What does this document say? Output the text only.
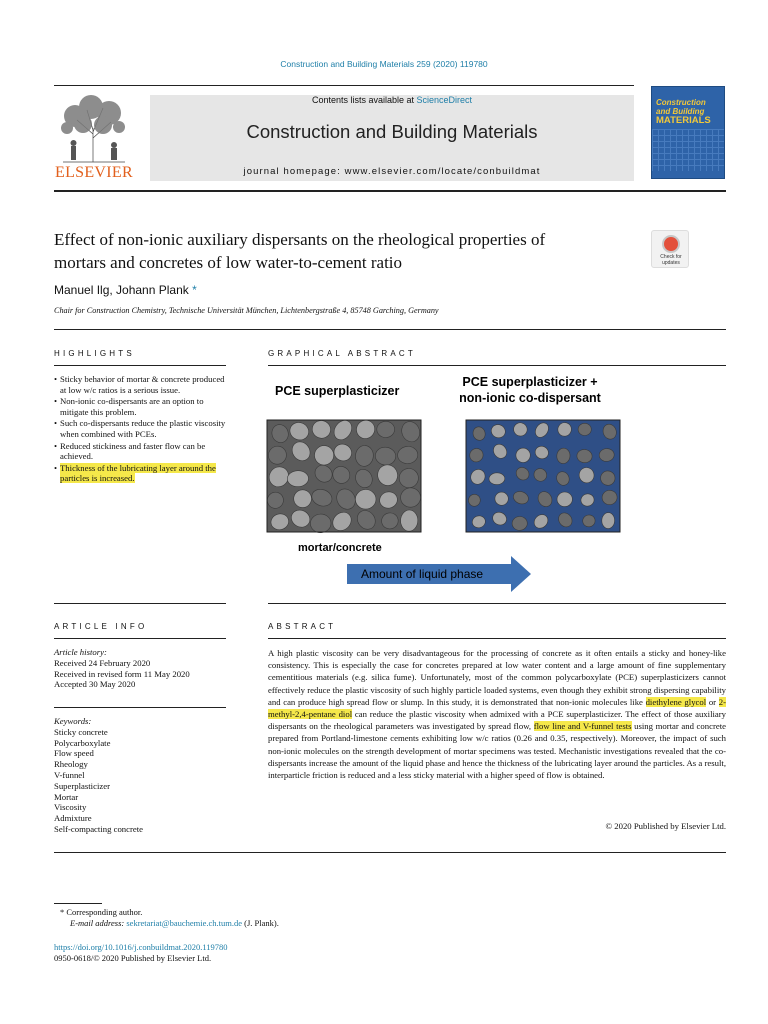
Construction and Building Materials 259 (2020) 119780
ELSEVIER
Contents lists available at ScienceDirect
Construction and Building Materials
journal homepage: www.elsevier.com/locate/conbuildmat
Construction
and Building
MATERIALS
Effect of non-ionic auxiliary dispersants on the rheological properties of
mortars and concretes of low water-to-cement ratio	Check for
updates
Manuel Ilg, Johann Plank *
Chair for Construction Chemistry, Technische Universität München, Lichtenbergstraße 4, 85748 Garching, Germany
HIGHLIGHTS
• Sticky behavior of mortar & concrete produced at low w/c ratios is a serious issue.
• Non-ionic co-dispersants are an option to mitigate this problem.
• Such co-dispersants reduce the plastic viscosity when combined with PCEs.
• Reduced stickiness and faster flow can be achieved.
• Thickness of the lubricating layer around the particles is increased.
GRAPHICAL ABSTRACT
PCE superplasticizer
PCE superplasticizer +
non-ionic co-dispersant
mortar/concrete
Amount of liquid phase
ARTICLE INFO
Article history:
Received 24 February 2020
Received in revised form 11 May 2020
Accepted 30 May 2020
Keywords:
Sticky concrete
Polycarboxylate
Flow speed
Rheology
V-funnel
Superplasticizer
Mortar
Viscosity
Admixture
Self-compacting concrete
ABSTRACT
A high plastic viscosity can be very disadvantageous for the processing of concrete as it often entails a sticky and honey-like consistency. This is especially the case for concretes prepared at low water content and a large amount of fine supplementary cementitious materials (e.g. silica fume). Unfortunately, most of the common polycarboxylate (PCE) superplasticizers cannot effectively reduce the plastic viscosity of such highly particle loaded systems, even though they exhibit strong dispersing capability and can produce high spread flow or slump. In this study, it is demonstrated that non-ionic molecules like diethylene glycol or 2-methyl-2,4-pentane diol can reduce the plastic viscosity when admixed with a PCE superplasticizer. The effect of those auxiliary dispersants on the rheological parameters was investigated by spread flow, flow line and V-funnel tests using mortar and concrete prepared from Portland-limestone cements exhibiting low w/c ratios (0.26 and 0.35, respectively). Moreover, the impact of such non-ionic molecules on the strength development of mortar specimens was tested. Mechanistic investigations revealed that the co-dispersants increase the amount of the liquid phase and hence the thickness of the lubricating layer around the particles. As a result, interparticle friction is reduced and a less sticky material with a higher speed of flow is obtained.
© 2020 Published by Elsevier Ltd.
* Corresponding author.
E-mail address: sekretariat@bauchemie.ch.tum.de (J. Plank).
https://doi.org/10.1016/j.conbuildmat.2020.119780
0950-0618/© 2020 Published by Elsevier Ltd.
